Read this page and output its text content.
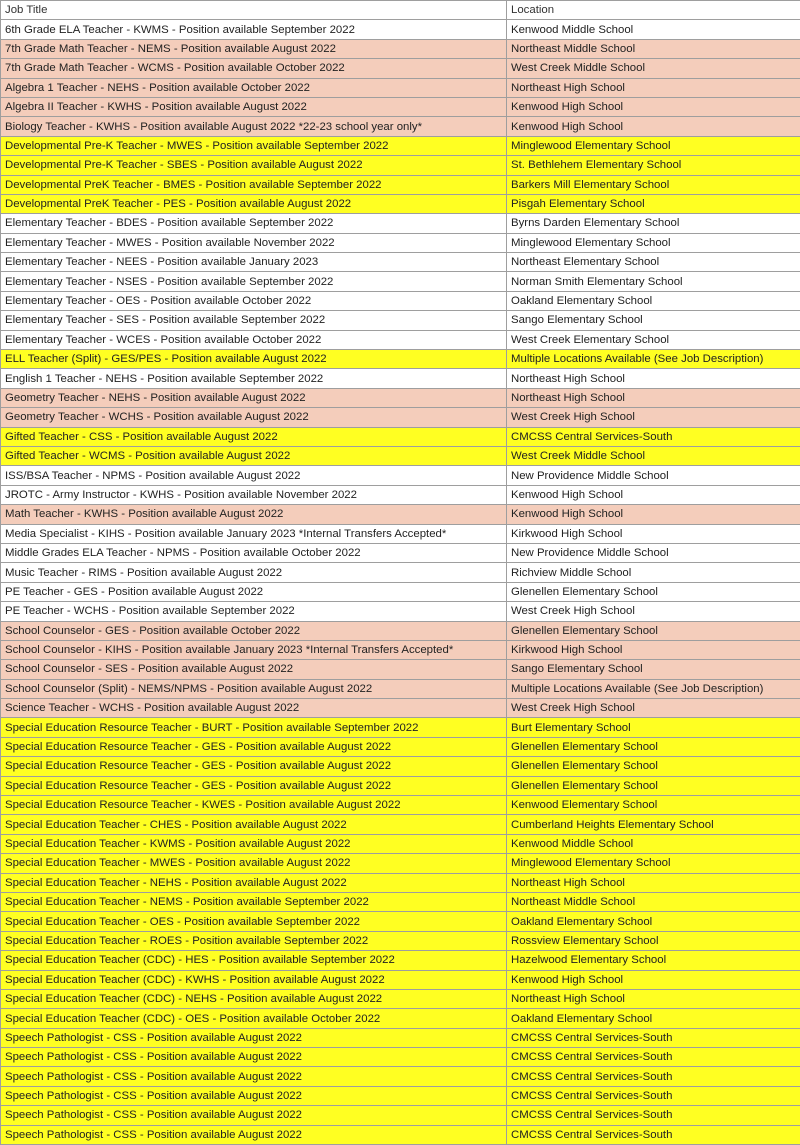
Job Title	Location
6th Grade ELA Teacher - KWMS - Position available September 2022	Kenwood Middle School
7th Grade Math Teacher - NEMS - Position available August 2022	Northeast Middle School
7th Grade Math Teacher - WCMS - Position available October 2022	West Creek Middle School
Algebra 1 Teacher - NEHS - Position available October 2022	Northeast High School
Algebra II Teacher - KWHS - Position available August 2022	Kenwood High School
Biology Teacher - KWHS - Position available August 2022 *22-23 school year only*	Kenwood High School
Developmental Pre-K Teacher - MWES - Position available September 2022	Minglewood Elementary School
Developmental Pre-K Teacher - SBES - Position available August 2022	St. Bethlehem Elementary School
Developmental PreK Teacher - BMES - Position available September 2022	Barkers Mill Elementary School
Developmental PreK Teacher - PES - Position available August 2022	Pisgah Elementary School
Elementary Teacher - BDES - Position available September 2022	Byrns Darden Elementary School
Elementary Teacher - MWES - Position available November 2022	Minglewood Elementary School
Elementary Teacher - NEES - Position available January 2023	Northeast Elementary School
Elementary Teacher - NSES - Position available September 2022	Norman Smith Elementary School
Elementary Teacher - OES - Position available October 2022	Oakland Elementary School
Elementary Teacher - SES - Position available September 2022	Sango Elementary School
Elementary Teacher - WCES - Position available October 2022	West Creek Elementary School
ELL Teacher (Split) - GES/PES - Position available August 2022	Multiple Locations Available (See Job Description)
English 1 Teacher - NEHS - Position available September 2022	Northeast High School
Geometry Teacher - NEHS - Position available August 2022	Northeast High School
Geometry Teacher - WCHS - Position available August 2022	West Creek High School
Gifted Teacher - CSS - Position available August 2022	CMCSS Central Services-South
Gifted Teacher - WCMS - Position available August 2022	West Creek Middle School
ISS/BSA Teacher - NPMS - Position available August 2022	New Providence Middle School
JROTC - Army Instructor - KWHS - Position available November 2022	Kenwood High School
Math Teacher - KWHS - Position available August 2022	Kenwood High School
Media Specialist - KIHS - Position available January 2023 *Internal Transfers Accepted*	Kirkwood High School
Middle Grades ELA Teacher - NPMS - Position available October 2022	New Providence Middle School
Music Teacher - RIMS - Position available August 2022	Richview Middle School
PE Teacher - GES - Position available August 2022	Glenellen Elementary School
PE Teacher - WCHS - Position available September 2022	West Creek High School
School Counselor - GES - Position available October 2022	Glenellen Elementary School
School Counselor - KIHS - Position available January 2023 *Internal Transfers Accepted*	Kirkwood High School
School Counselor - SES - Position available August 2022	Sango Elementary School
School Counselor (Split) - NEMS/NPMS - Position available August 2022	Multiple Locations Available (See Job Description)
Science Teacher - WCHS - Position available August 2022	West Creek High School
Special Education Resource Teacher - BURT - Position available September 2022	Burt Elementary School
Special Education Resource Teacher - GES - Position available August 2022	Glenellen Elementary School
Special Education Resource Teacher - GES - Position available August 2022	Glenellen Elementary School
Special Education Resource Teacher - GES - Position available August 2022	Glenellen Elementary School
Special Education Resource Teacher - KWES - Position available August 2022	Kenwood Elementary School
Special Education Teacher - CHES - Position available August 2022	Cumberland Heights Elementary School
Special Education Teacher - KWMS - Position available August 2022	Kenwood Middle School
Special Education Teacher - MWES - Position available August 2022	Minglewood Elementary School
Special Education Teacher - NEHS - Position available August 2022	Northeast High School
Special Education Teacher - NEMS - Position available September 2022	Northeast Middle School
Special Education Teacher - OES - Position available September 2022	Oakland Elementary School
Special Education Teacher - ROES - Position available September 2022	Rossview Elementary School
Special Education Teacher (CDC) - HES - Position available September 2022	Hazelwood Elementary School
Special Education Teacher (CDC) - KWHS - Position available August 2022	Kenwood High School
Special Education Teacher (CDC) - NEHS - Position available August 2022	Northeast High School
Special Education Teacher (CDC) - OES - Position available October 2022	Oakland Elementary School
Speech Pathologist - CSS - Position available August 2022	CMCSS Central Services-South
Speech Pathologist - CSS - Position available August 2022	CMCSS Central Services-South
Speech Pathologist - CSS - Position available August 2022	CMCSS Central Services-South
Speech Pathologist - CSS - Position available August 2022	CMCSS Central Services-South
Speech Pathologist - CSS - Position available August 2022	CMCSS Central Services-South
Speech Pathologist - CSS - Position available August 2022	CMCSS Central Services-South
